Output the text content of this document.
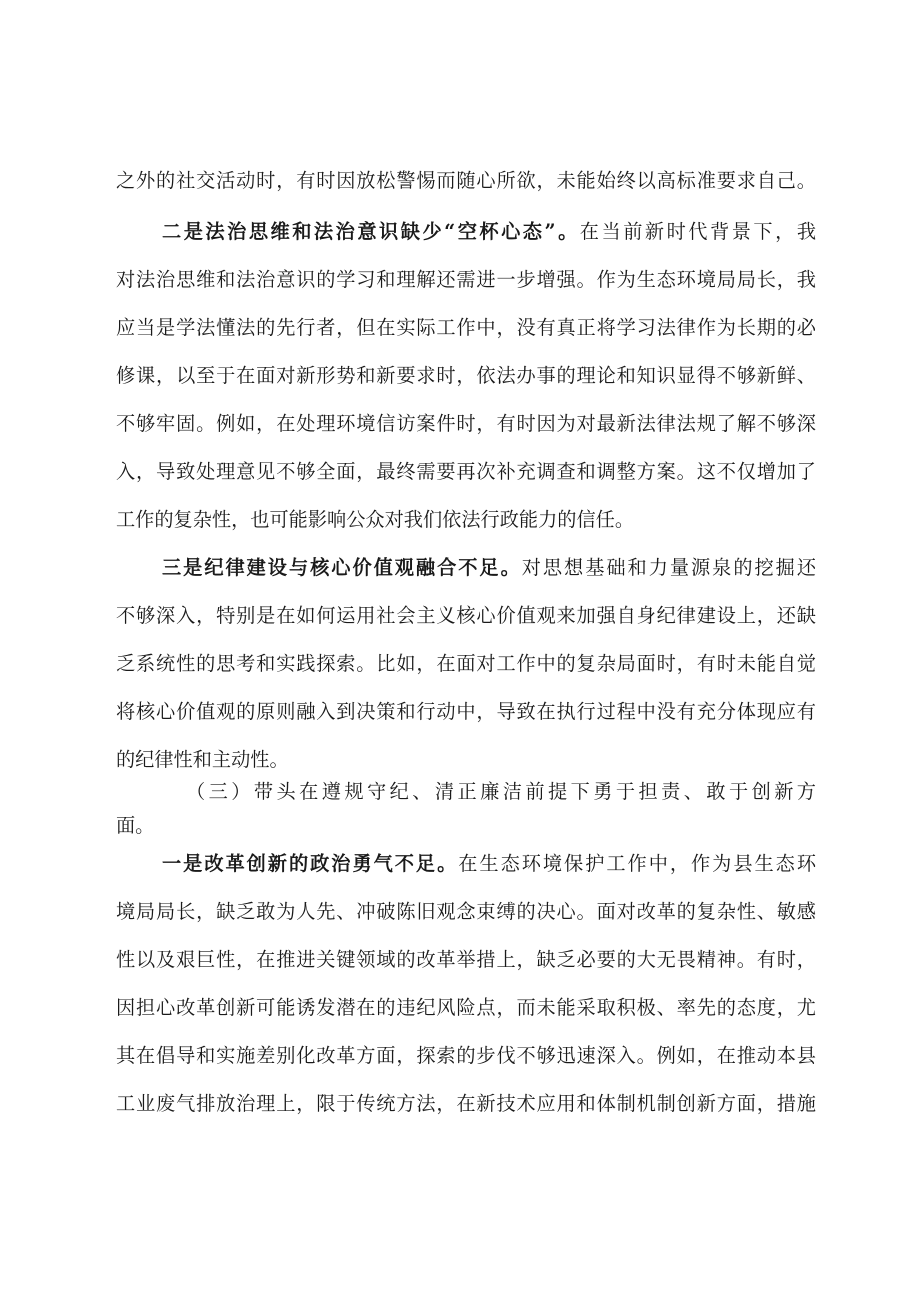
之外的社交活动时，有时因放松警惕而随心所欲，未能始终以高标准要求自己。
二是法治思维和法治意识缺少“空杯心态”。在当前新时代背景下，我
对法治思维和法治意识的学习和理解还需进一步增强。作为生态环境局局长，我
应当是学法懂法的先行者，但在实际工作中，没有真正将学习法律作为长期的必
修课，以至于在面对新形势和新要求时，依法办事的理论和知识显得不够新鲜、
不够牢固。例如，在处理环境信访案件时，有时因为对最新法律法规了解不够深
入，导致处理意见不够全面，最终需要再次补充调查和调整方案。这不仅增加了
工作的复杂性，也可能影响公众对我们依法行政能力的信任。
三是纪律建设与核心价值观融合不足。对思想基础和力量源泉的挖掘还
不够深入，特别是在如何运用社会主义核心价值观来加强自身纪律建设上，还缺
乏系统性的思考和实践探索。比如，在面对工作中的复杂局面时，有时未能自觉
将核心价值观的原则融入到决策和行动中，导致在执行过程中没有充分体现应有
的纪律性和主动性。
（三）带头在遵规守纪、清正廉洁前提下勇于担责、敢于创新方
面。
一是改革创新的政治勇气不足。在生态环境保护工作中，作为县生态环
境局局长，缺乏敢为人先、冲破陈旧观念束缚的决心。面对改革的复杂性、敏感
性以及艰巨性，在推进关键领域的改革举措上，缺乏必要的大无畏精神。有时，
因担心改革创新可能诱发潜在的违纪风险点，而未能采取积极、率先的态度，尤
其在倡导和实施差别化改革方面，探索的步伐不够迅速深入。例如，在推动本县
工业废气排放治理上，限于传统方法，在新技术应用和体制机制创新方面，措施
